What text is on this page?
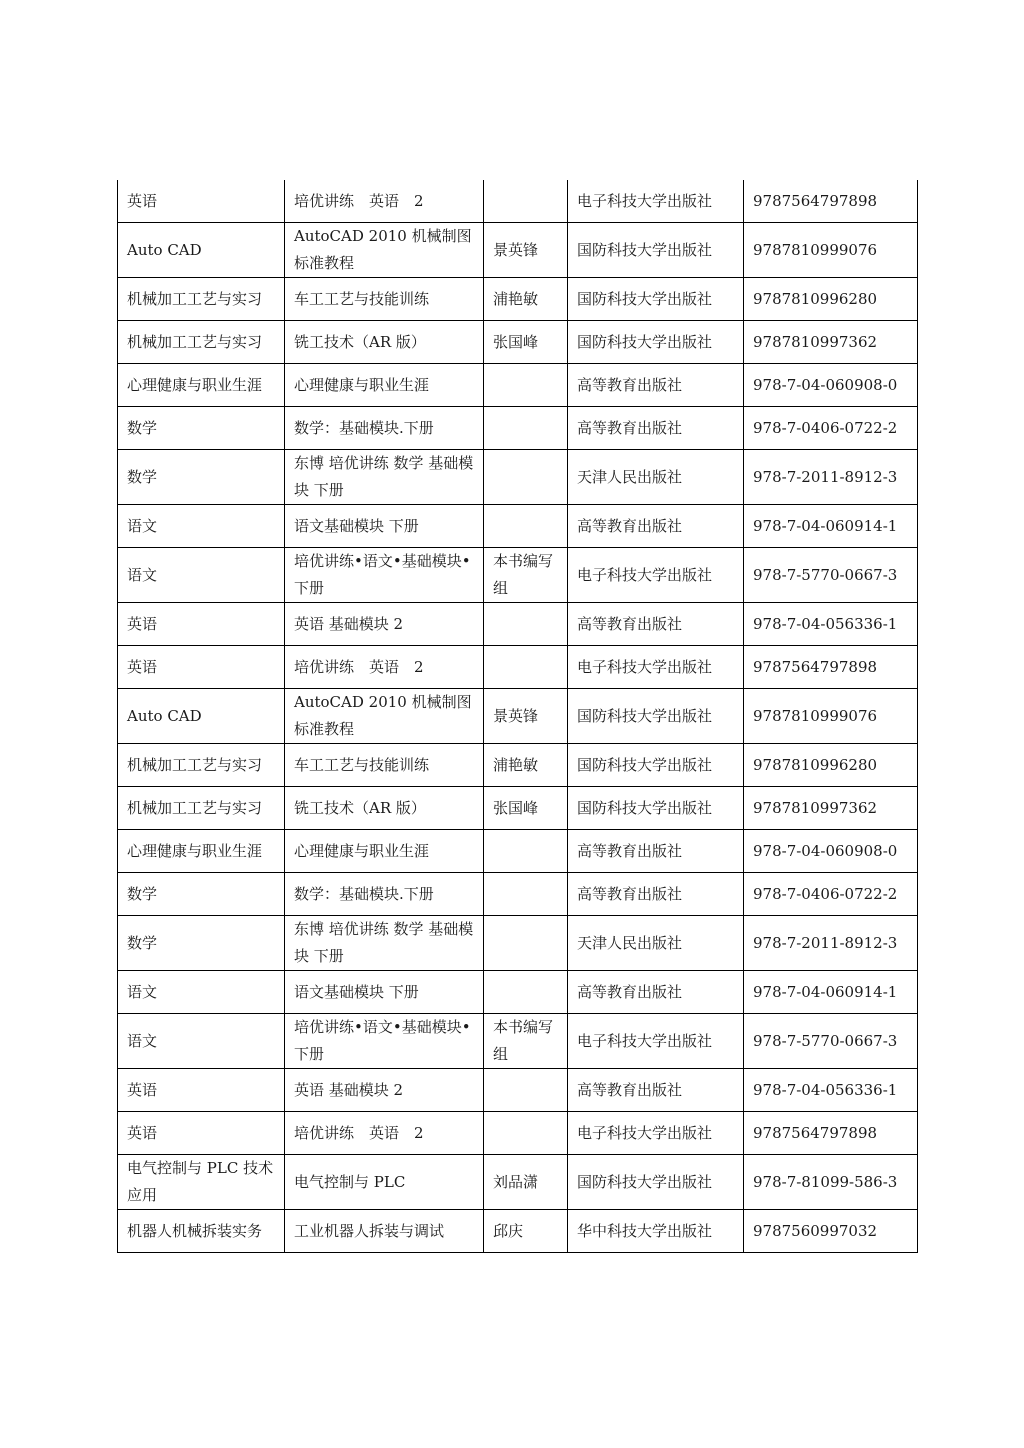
英语	培优讲练　英语　2		电子科技大学出版社	9787564797898
Auto CAD	AutoCAD 2010 机械制图标准教程	景英锋	国防科技大学出版社	9787810999076
机械加工工艺与实习	车工工艺与技能训练	浦艳敏	国防科技大学出版社	9787810996280
机械加工工艺与实习	铣工技术（AR 版）	张国峰	国防科技大学出版社	9787810997362
心理健康与职业生涯	心理健康与职业生涯		高等教育出版社	978-7-04-060908-0
数学	数学：基础模块.下册		高等教育出版社	978-7-0406-0722-2
数学	东博 培优讲练 数学 基础模块 下册		天津人民出版社	978-7-2011-8912-3
语文	语文基础模块 下册		高等教育出版社	978-7-04-060914-1
语文	培优讲练•语文•基础模块•下册	本书编写组	电子科技大学出版社	978-7-5770-0667-3
英语	英语 基础模块 2		高等教育出版社	978-7-04-056336-1
英语	培优讲练　英语　2		电子科技大学出版社	9787564797898
Auto CAD	AutoCAD 2010 机械制图标准教程	景英锋	国防科技大学出版社	9787810999076
机械加工工艺与实习	车工工艺与技能训练	浦艳敏	国防科技大学出版社	9787810996280
机械加工工艺与实习	铣工技术（AR 版）	张国峰	国防科技大学出版社	9787810997362
心理健康与职业生涯	心理健康与职业生涯		高等教育出版社	978-7-04-060908-0
数学	数学：基础模块.下册		高等教育出版社	978-7-0406-0722-2
数学	东博 培优讲练 数学 基础模块 下册		天津人民出版社	978-7-2011-8912-3
语文	语文基础模块 下册		高等教育出版社	978-7-04-060914-1
语文	培优讲练•语文•基础模块•下册	本书编写组	电子科技大学出版社	978-7-5770-0667-3
英语	英语 基础模块 2		高等教育出版社	978-7-04-056336-1
英语	培优讲练　英语　2		电子科技大学出版社	9787564797898
电气控制与 PLC 技术应用	电气控制与 PLC	刘品潇	国防科技大学出版社	978-7-81099-586-3
机器人机械拆装实务	工业机器人拆装与调试	邱庆	华中科技大学出版社	9787560997032
